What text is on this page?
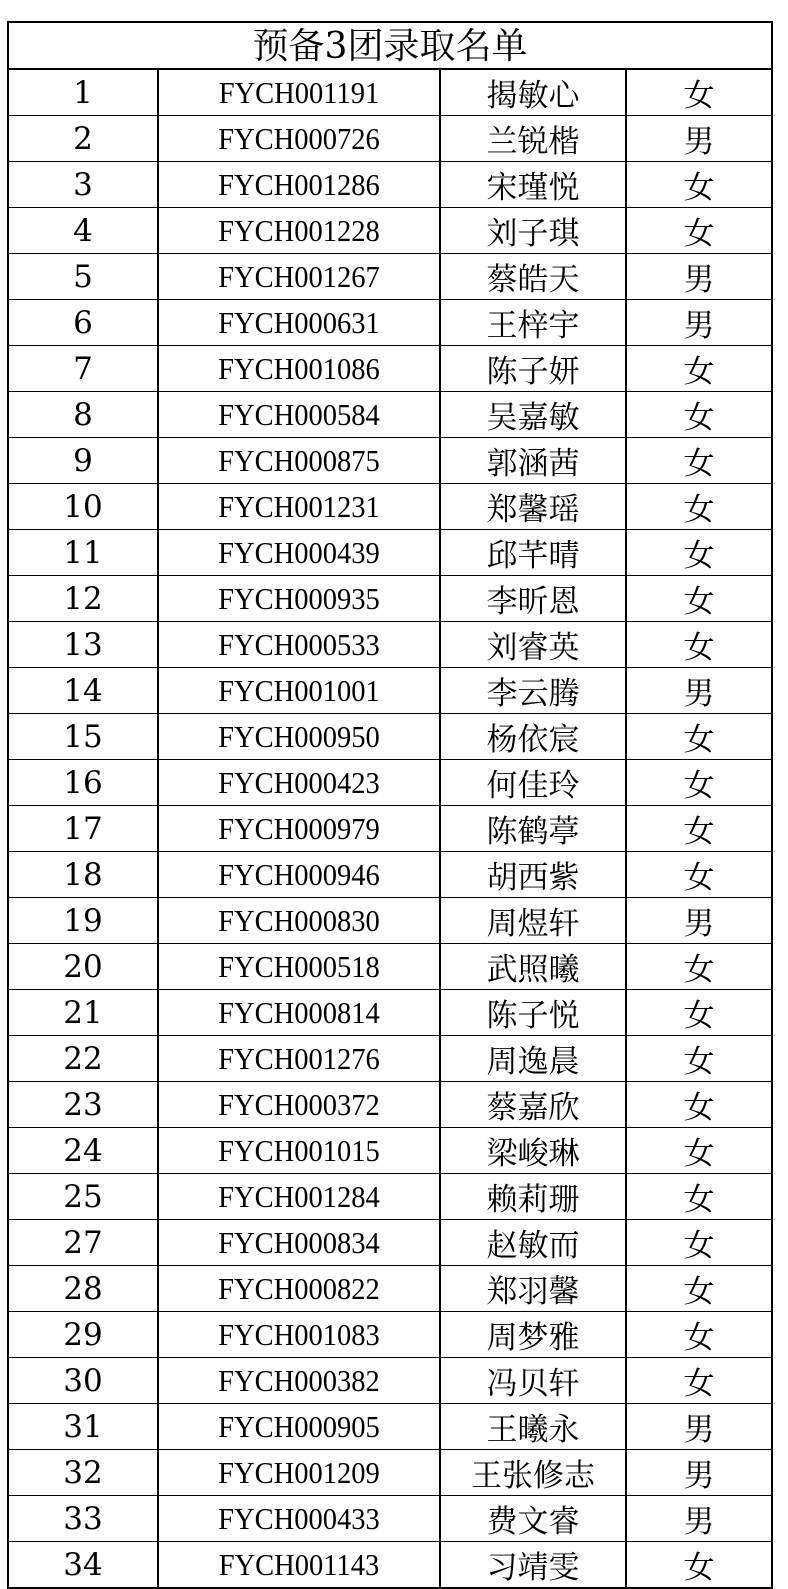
预备3团录取名单
1	FYCH001191	揭敏心	女
2	FYCH000726	兰锐楷	男
3	FYCH001286	宋瑾悦	女
4	FYCH001228	刘子琪	女
5	FYCH001267	蔡皓天	男
6	FYCH000631	王梓宇	男
7	FYCH001086	陈子妍	女
8	FYCH000584	吴嘉敏	女
9	FYCH000875	郭涵茜	女
10	FYCH001231	郑馨瑶	女
11	FYCH000439	邱芊晴	女
12	FYCH000935	李昕恩	女
13	FYCH000533	刘睿英	女
14	FYCH001001	李云腾	男
15	FYCH000950	杨依宸	女
16	FYCH000423	何佳玲	女
17	FYCH000979	陈鹤葶	女
18	FYCH000946	胡西紫	女
19	FYCH000830	周煜轩	男
20	FYCH000518	武照曦	女
21	FYCH000814	陈子悦	女
22	FYCH001276	周逸晨	女
23	FYCH000372	蔡嘉欣	女
24	FYCH001015	梁峻琳	女
25	FYCH001284	赖莉珊	女
27	FYCH000834	赵敏而	女
28	FYCH000822	郑羽馨	女
29	FYCH001083	周梦雅	女
30	FYCH000382	冯贝轩	女
31	FYCH000905	王曦永	男
32	FYCH001209	王张修志	男
33	FYCH000433	费文睿	男
34	FYCH001143	习靖雯	女
